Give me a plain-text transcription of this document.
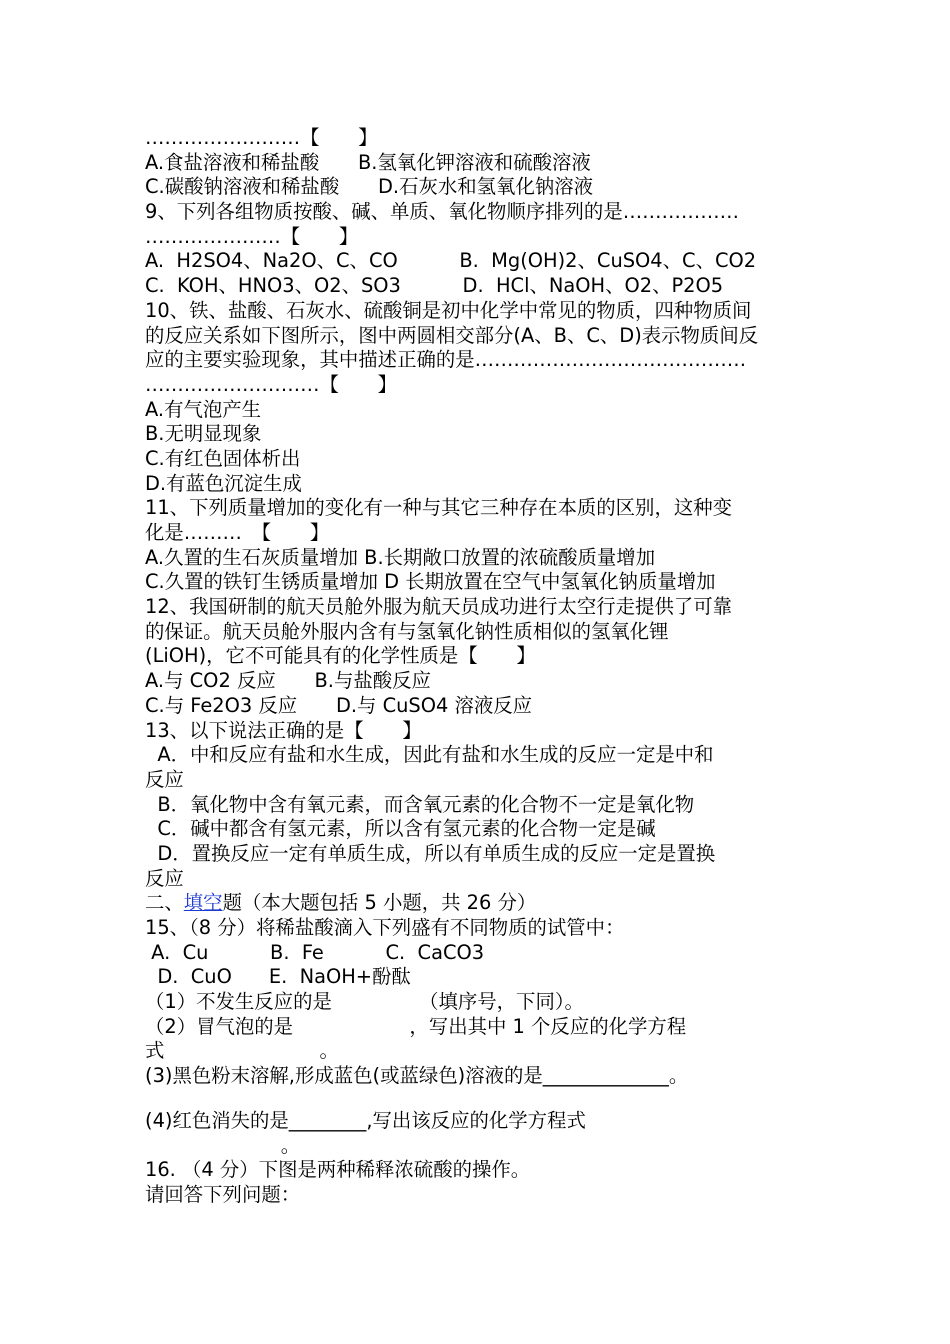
……………………【　　】
A.食盐溶液和稀盐酸　　B.氢氧化钾溶液和硫酸溶液
C.碳酸钠溶液和稀盐酸　　D.石灰水和氢氧化钠溶液
9、下列各组物质按酸、碱、单质、氧化物顺序排列的是………………
…………………【　　】
A.  H2SO4、Na2O、C、CO          B.  Mg(OH)2、CuSO4、C、CO2
C.  KOH、HNO3、O2、SO3          D.  HCl、NaOH、O2、P2O5
10、铁、盐酸、石灰水、硫酸铜是初中化学中常见的物质，四种物质间
的反应关系如下图所示，图中两圆相交部分(A、B、C、D)表示物质间反
应的主要实验现象，其中描述正确的是……………………………………
………………………【　　】
A.有气泡产生
B.无明显现象
C.有红色固体析出
D.有蓝色沉淀生成
11、下列质量增加的变化有一种与其它三种存在本质的区别，这种变
化是………　【　　】
A.久置的生石灰质量增加 B.长期敞口放置的浓硫酸质量增加
C.久置的铁钉生锈质量增加 D 长期放置在空气中氢氧化钠质量增加
12、我国研制的航天员舱外服为航天员成功进行太空行走提供了可靠
的保证。航天员舱外服内含有与氢氧化钠性质相似的氢氧化锂
(LiOH)，它不可能具有的化学性质是【　　】
A.与 CO2 反应　　B.与盐酸反应
C.与 Fe2O3 反应　　D.与 CuSO4 溶液反应
13、以下说法正确的是【　　】
A．中和反应有盐和水生成，因此有盐和水生成的反应一定是中和
反应
B．氧化物中含有氧元素，而含氧元素的化合物不一定是氧化物
C．碱中都含有氢元素，所以含有氢元素的化合物一定是碱
D．置换反应一定有单质生成，所以有单质生成的反应一定是置换
反应
二、填空题（本大题包括 5 小题，共 26 分）
15、（8 分）将稀盐酸滴入下列盛有不同物质的试管中：
A.  Cu          B.  Fe          C.  CaCO3
D.  CuO      E.  NaOH+酚酞
（1）不发生反应的是　　　　　（填序号，下同）。
（2）冒气泡的是　　　　　　，写出其中 1 个反应的化学方程
式　　　　　　　　。
(3)黑色粉末溶解,形成蓝色(或蓝绿色)溶液的是_____________。
(4)红色消失的是________,写出该反应的化学方程式
　　　　　　　。
16. （4 分）下图是两种稀释浓硫酸的操作。
请回答下列问题：
